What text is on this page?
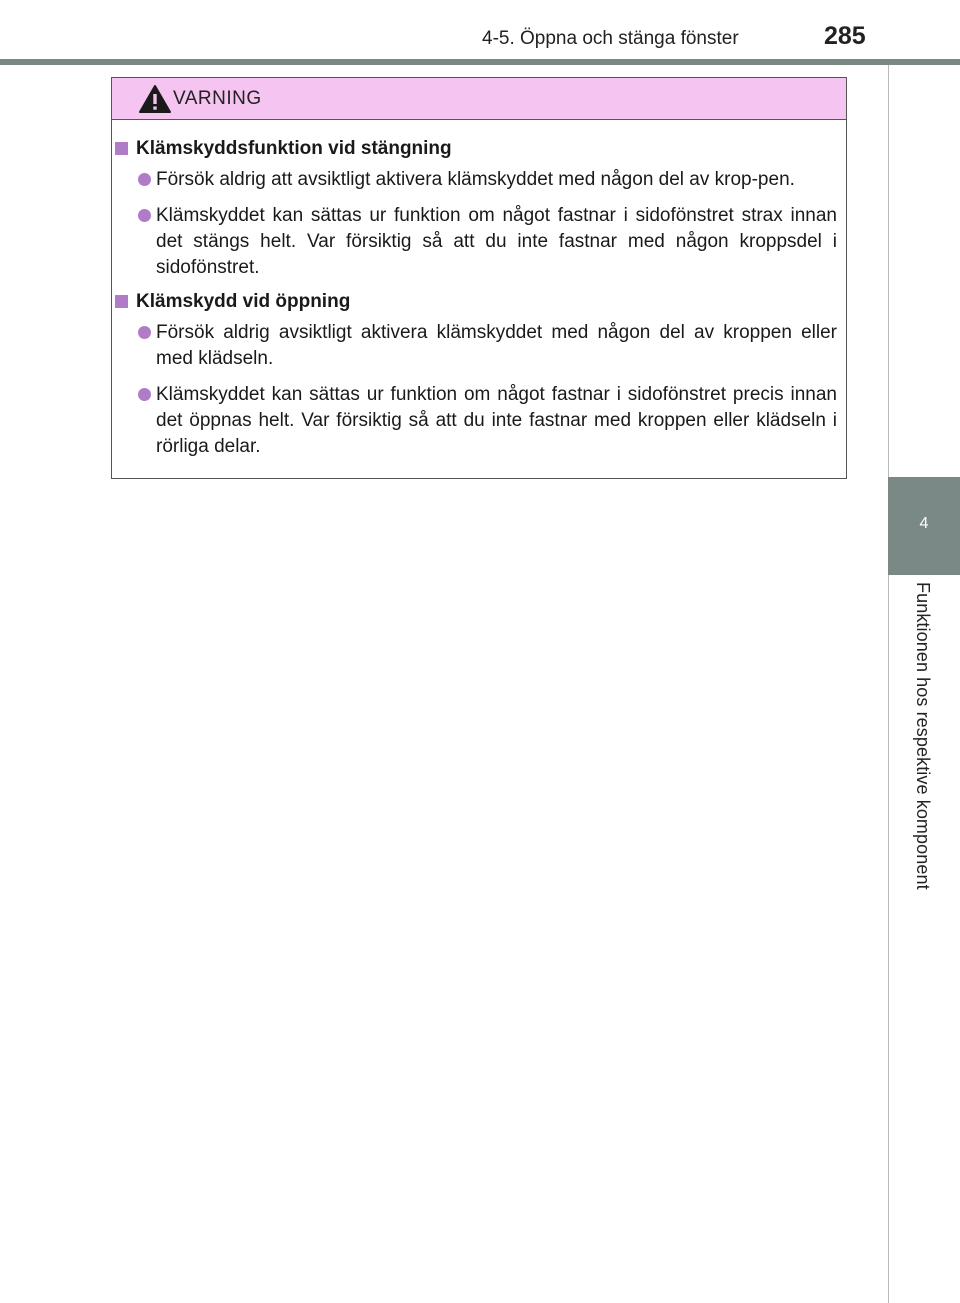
4-5. Öppna och stänga fönster	285
4
Funktionen hos respektive komponent
VARNING
Klämskyddsfunktion vid stängning
Försök aldrig att avsiktligt aktivera klämskyddet med någon del av krop-pen.
Klämskyddet kan sättas ur funktion om något fastnar i sidofönstret strax innan det stängs helt. Var försiktig så att du inte fastnar med någon kroppsdel i sidofönstret.
Klämskydd vid öppning
Försök aldrig avsiktligt aktivera klämskyddet med någon del av kroppen eller med klädseln.
Klämskyddet kan sättas ur funktion om något fastnar i sidofönstret precis innan det öppnas helt. Var försiktig så att du inte fastnar med kroppen eller klädseln i rörliga delar.
